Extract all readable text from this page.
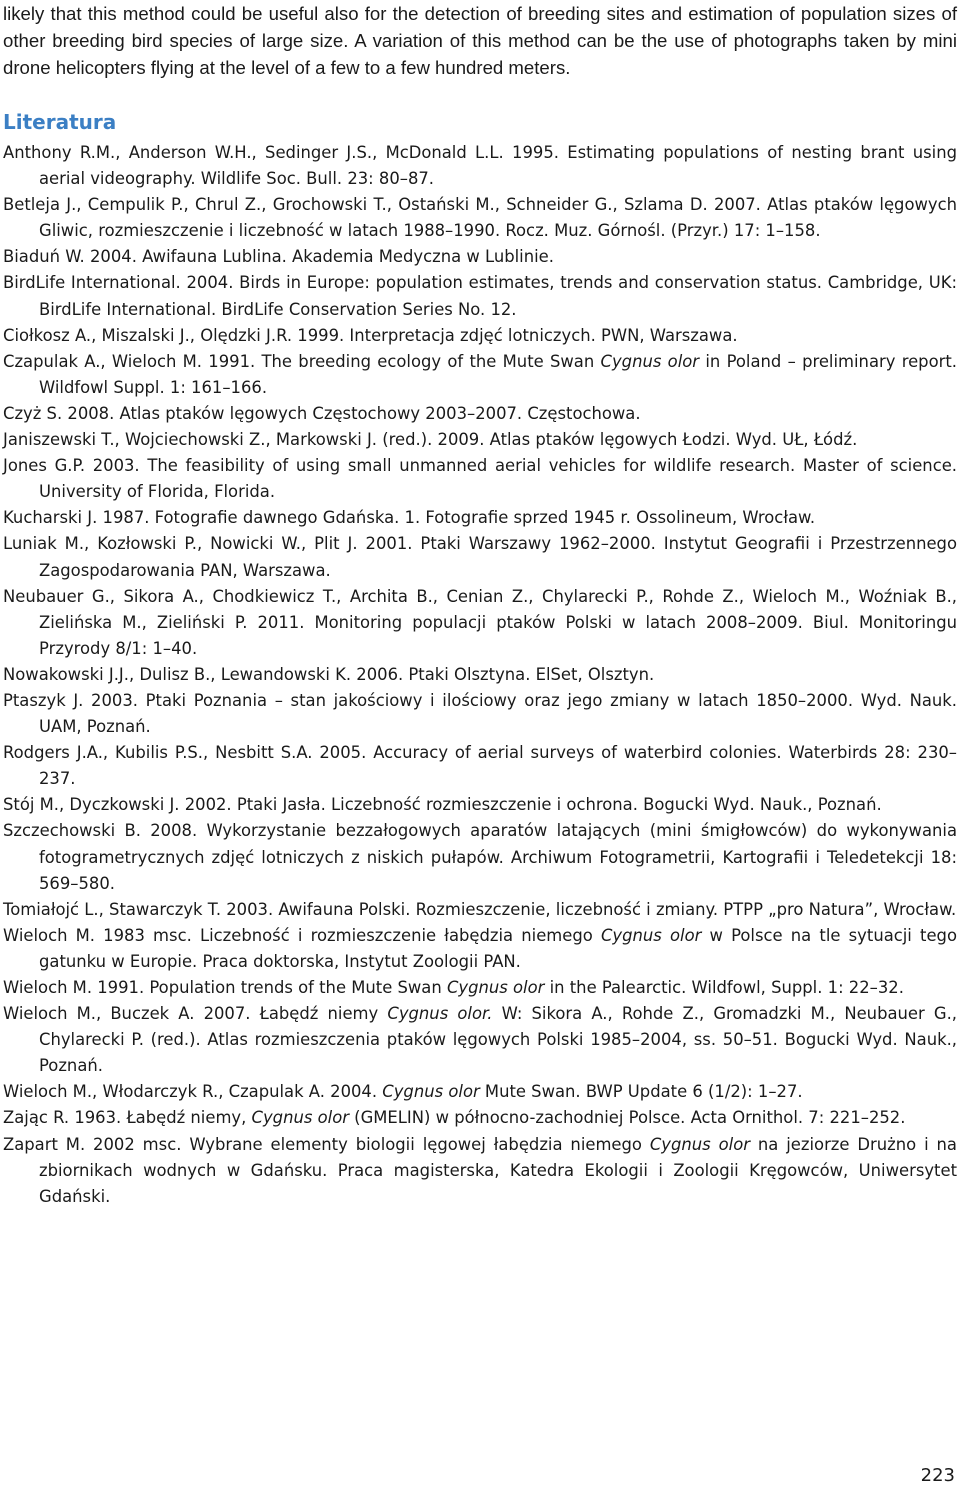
likely that this method could be useful also for the detection of breeding sites and estimation of population sizes of other breeding bird species of large size. A variation of this method can be the use of photographs taken by mini drone helicopters flying at the level of a few to a few hundred meters.

Literatura
Anthony R.M., Anderson W.H., Sedinger J.S., McDonald L.L. 1995. Estimating populations of nesting brant using aerial videography. Wildlife Soc. Bull. 23: 80–87.
Betleja J., Cempulik P., Chrul Z., Grochowski T., Ostański M., Schneider G., Szlama D. 2007. Atlas ptaków lęgowych Gliwic, rozmieszczenie i liczebność w latach 1988–1990. Rocz. Muz. Górnośl. (Przyr.) 17: 1–158.
Biaduń W. 2004. Awifauna Lublina. Akademia Medyczna w Lublinie.
BirdLife International. 2004. Birds in Europe: population estimates, trends and conservation status. Cambridge, UK: BirdLife International. BirdLife Conservation Series No. 12.
Ciołkosz A., Miszalski J., Olędzki J.R. 1999. Interpretacja zdjęć lotniczych. PWN, Warszawa.
Czapulak A., Wieloch M. 1991. The breeding ecology of the Mute Swan Cygnus olor in Poland – preliminary report. Wildfowl Suppl. 1: 161–166.
Czyż S. 2008. Atlas ptaków lęgowych Częstochowy 2003–2007. Częstochowa.
Janiszewski T., Wojciechowski Z., Markowski J. (red.). 2009. Atlas ptaków lęgowych Łodzi. Wyd. UŁ, Łódź.
Jones G.P. 2003. The feasibility of using small unmanned aerial vehicles for wildlife research. Master of science. University of Florida, Florida.
Kucharski J. 1987. Fotografie dawnego Gdańska. 1. Fotografie sprzed 1945 r. Ossolineum, Wrocław.
Luniak M., Kozłowski P., Nowicki W., Plit J. 2001. Ptaki Warszawy 1962–2000. Instytut Geografii i Przestrzennego Zagospodarowania PAN, Warszawa.
Neubauer G., Sikora A., Chodkiewicz T., Archita B., Cenian Z., Chylarecki P., Rohde Z., Wieloch M., Woźniak B., Zielińska M., Zieliński P. 2011. Monitoring populacji ptaków Polski w latach 2008–2009. Biul. Monitoringu Przyrody 8/1: 1–40.
Nowakowski J.J., Dulisz B., Lewandowski K. 2006. Ptaki Olsztyna. ElSet, Olsztyn.
Ptaszyk J. 2003. Ptaki Poznania – stan jakościowy i ilościowy oraz jego zmiany w latach 1850–2000. Wyd. Nauk. UAM, Poznań.
Rodgers J.A., Kubilis P.S., Nesbitt S.A. 2005. Accuracy of aerial surveys of waterbird colonies. Waterbirds 28: 230–237.
Stój M., Dyczkowski J. 2002. Ptaki Jasła. Liczebność rozmieszczenie i ochrona. Bogucki Wyd. Nauk., Poznań.
Szczechowski B. 2008. Wykorzystanie bezzałogowych aparatów latających (mini śmigłowców) do wykonywania fotogrametrycznych zdjęć lotniczych z niskich pułapów. Archiwum Fotogrametrii, Kartografii i Teledetekcji 18: 569–580.
Tomiałojć L., Stawarczyk T. 2003. Awifauna Polski. Rozmieszczenie, liczebność i zmiany. PTPP „pro Natura”, Wrocław.
Wieloch M. 1983 msc. Liczebność i rozmieszczenie łabędzia niemego Cygnus olor w Polsce na tle sytuacji tego gatunku w Europie. Praca doktorska, Instytut Zoologii PAN.
Wieloch M. 1991. Population trends of the Mute Swan Cygnus olor in the Palearctic. Wildfowl, Suppl. 1: 22–32.
Wieloch M., Buczek A. 2007. Łabędź niemy Cygnus olor. W: Sikora A., Rohde Z., Gromadzki M., Neubauer G., Chylarecki P. (red.). Atlas rozmieszczenia ptaków lęgowych Polski 1985–2004, ss. 50–51. Bogucki Wyd. Nauk., Poznań.
Wieloch M., Włodarczyk R., Czapulak A. 2004. Cygnus olor Mute Swan. BWP Update 6 (1/2): 1–27.
Zając R. 1963. Łabędź niemy, Cygnus olor (GMELIN) w północno-zachodniej Polsce. Acta Ornithol. 7: 221–252.
Zapart M. 2002 msc. Wybrane elementy biologii lęgowej łabędzia niemego Cygnus olor na jeziorze Drużno i na zbiornikach wodnych w Gdańsku. Praca magisterska, Katedra Ekologii i Zoologii Kręgowców, Uniwersytet Gdański.
223
